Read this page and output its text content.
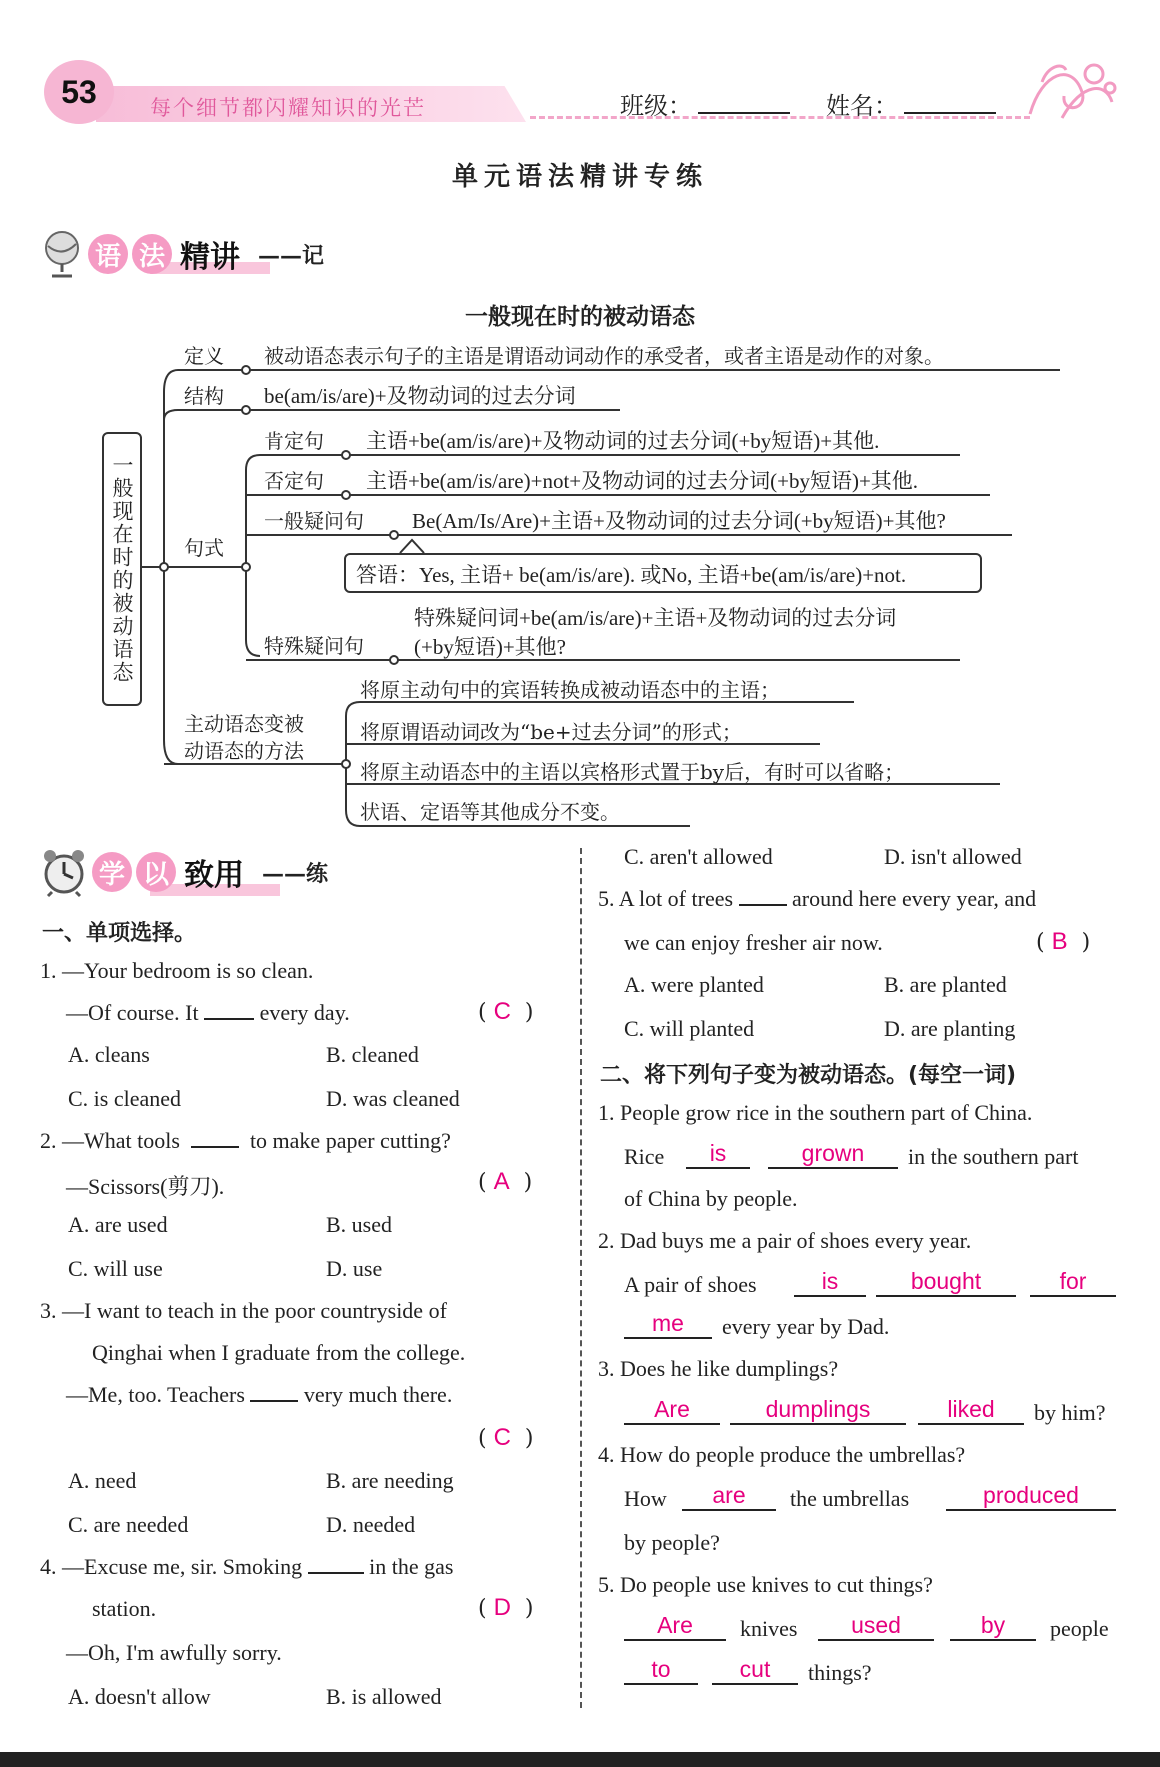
53	每个细节都闪耀知识的光芒	班级：	姓名：
单元语法精讲专练
语 法 精讲 ——记
一般现在时的被动语态
一般现在时的被动语态
定义 被动语态表示句子的主语是谓语动词动作的承受者，或者主语是动作的对象。
结构 be(am/is/are)+及物动词的过去分词
句式
肯定句 主语+be(am/is/are)+及物动词的过去分词(+by短语)+其他.
否定句 主语+be(am/is/are)+not+及物动词的过去分词(+by短语)+其他.
一般疑问句 Be(Am/Is/Are)+主语+及物动词的过去分词(+by短语)+其他?
答语：Yes, 主语+ be(am/is/are). 或No, 主语+be(am/is/are)+not.
特殊疑问句
特殊疑问词+be(am/is/are)+主语+及物动词的过去分词
(+by短语)+其他?
主动语态变被
动语态的方法
将原主动句中的宾语转换成被动语态中的主语；
将原谓语动词改为“be+过去分词”的形式；
将原主动语态中的主语以宾格形式置于by后，有时可以省略；
状语、定语等其他成分不变。
学 以 致用 ——练
一、单项选择。
1. —Your bedroom is so clean.
—Of course. It	every day.	( C  )
A. cleans	B. cleaned
C. is cleaned	D. was cleaned
2. —What tools	to make paper cutting?
—Scissors(剪刀).	( A  )
A. are used	B. used
C. will use	D. use
3. —I want to teach in the poor countryside of
Qinghai when I graduate from the college.
—Me, too. Teachers	very much there.
( C  )
A. need	B. are needing
C. are needed	D. needed
4. —Excuse me, sir. Smoking	in the gas
station.	( D  )
—Oh, I'm awfully sorry.
A. doesn't allow	B. is allowed
C. aren't allowed	D. isn't allowed
5. A lot of trees	around here every year, and
we can enjoy fresher air now.	( B  )
A. were planted	B. are planted
C. will planted	D. are planting
二、将下列句子变为被动语态。(每空一词)
1. People grow rice in the southern part of China.
Rice	is	grown	in the southern part
of China by people.
2. Dad buys me a pair of shoes every year.
A pair of shoes	is	bought	for
me	every year by Dad.
3. Does he like dumplings?
Are	dumplings	liked	by him?
4. How do people produce the umbrellas?
How	are	the umbrellas	produced
by people?
5. Do people use knives to cut things?
Are	knives	used	by	people
to	cut	things?
